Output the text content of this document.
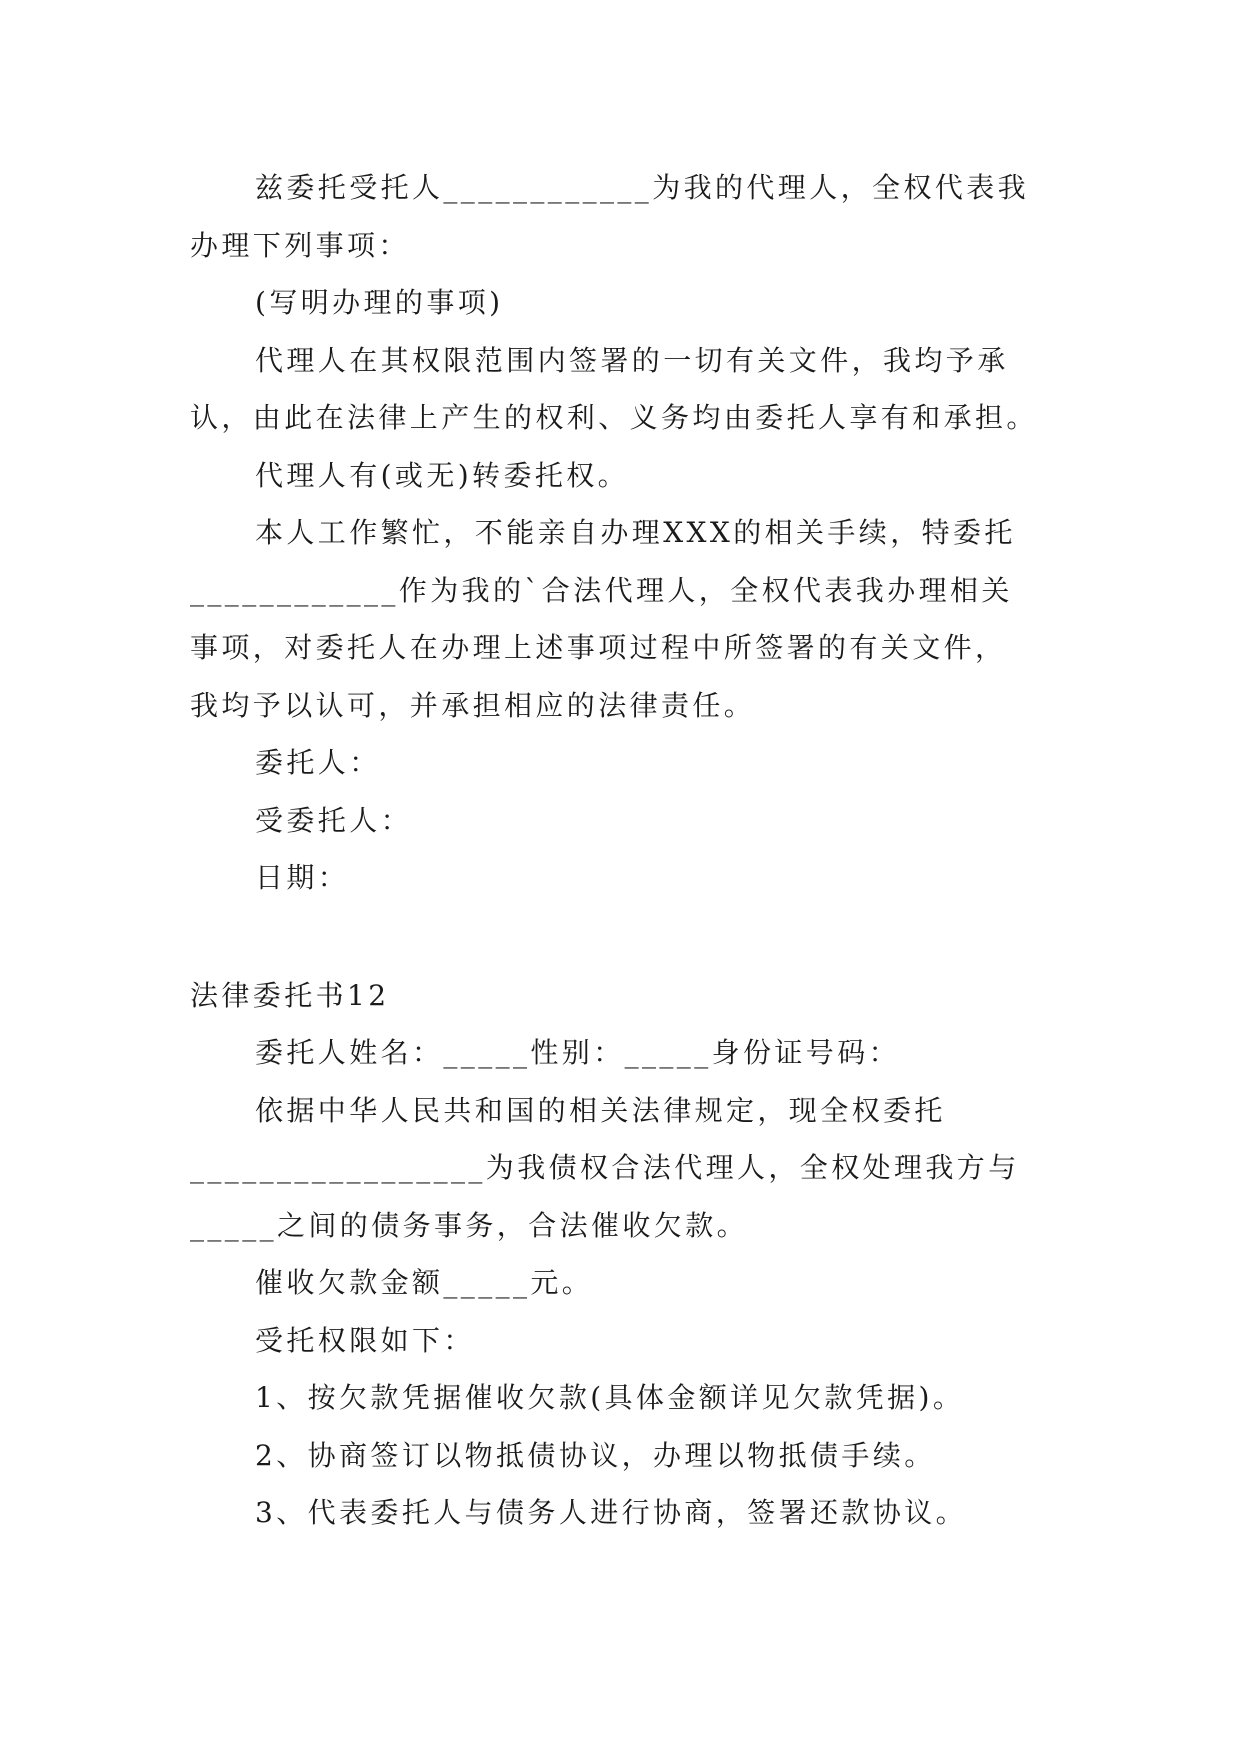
兹委托受托人____________为我的代理人，全权代表我
办理下列事项：
(写明办理的事项)
代理人在其权限范围内签署的一切有关文件，我均予承
认，由此在法律上产生的权利、义务均由委托人享有和承担。
代理人有(或无)转委托权。
本人工作繁忙，不能亲自办理XXX的相关手续，特委托
____________作为我的`合法代理人，全权代表我办理相关
事项，对委托人在办理上述事项过程中所签署的有关文件，
我均予以认可，并承担相应的法律责任。
委托人：
受委托人：
日期：
法律委托书12
委托人姓名：_____性别：_____身份证号码：
依据中华人民共和国的相关法律规定，现全权委托
_________________为我债权合法代理人，全权处理我方与
_____之间的债务事务，合法催收欠款。
催收欠款金额_____元。
受托权限如下：
1、按欠款凭据催收欠款(具体金额详见欠款凭据)。
2、协商签订以物抵债协议，办理以物抵债手续。
3、代表委托人与债务人进行协商，签署还款协议。
